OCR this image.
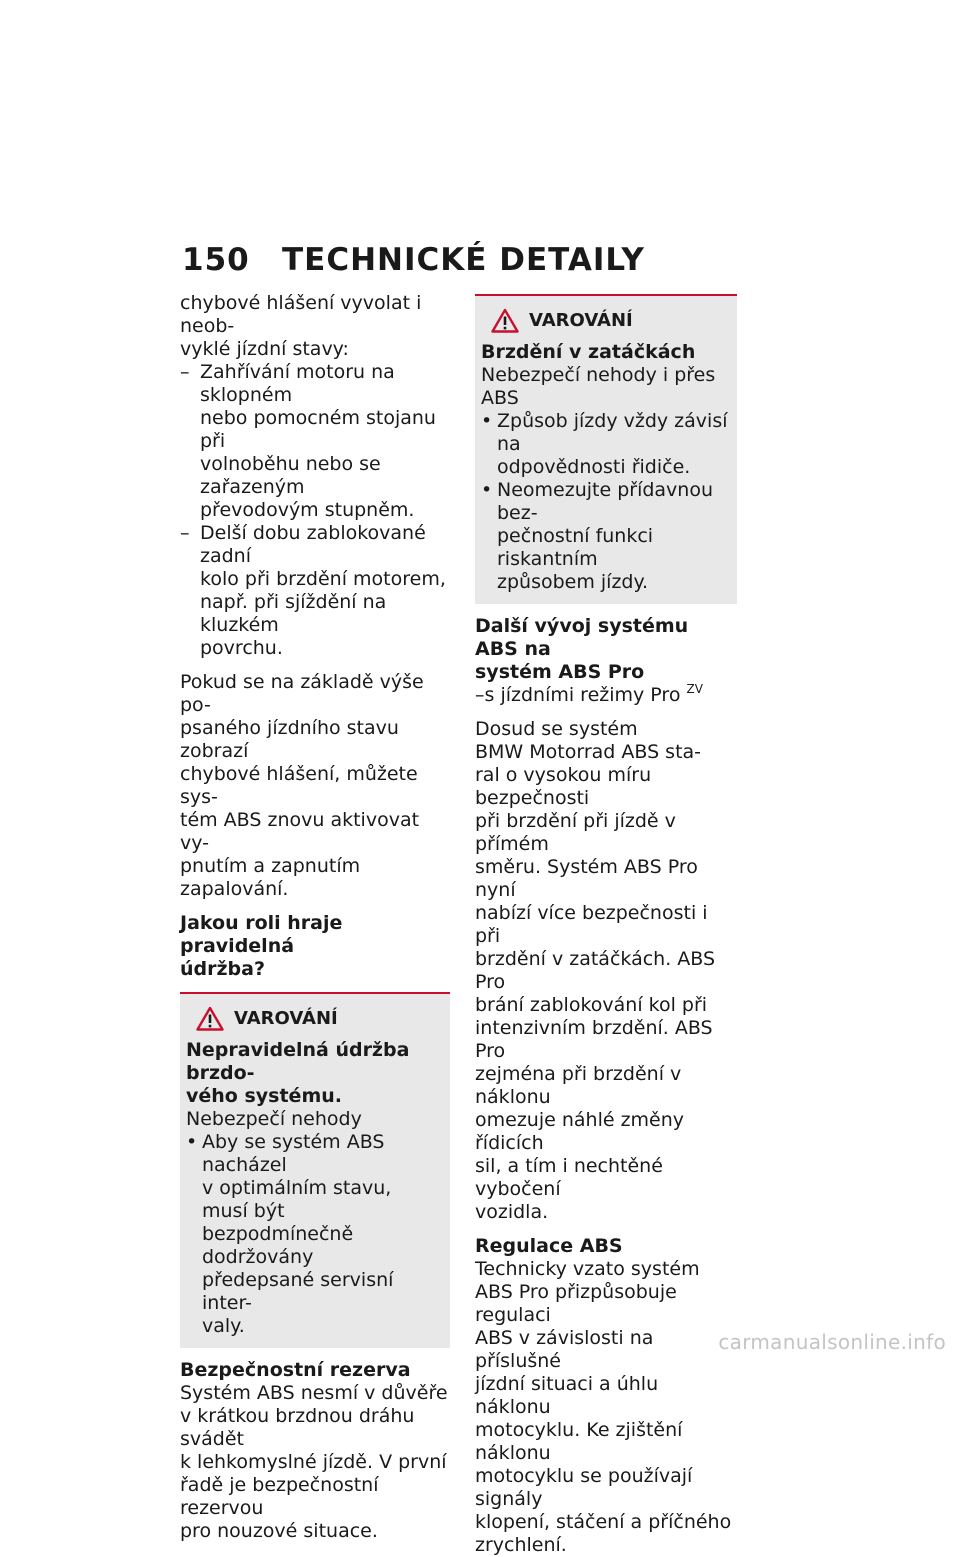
150 TECHNICKÉ DETAILY

chybové hlášení vyvolat i neob-

vyklé jízdní stavy:

– Zahřívání motoru na sklopném

nebo pomocném stojanu při

volnoběhu nebo se zařazeným

převodovým stupněm.

– Delší dobu zablokované zadní

kolo při brzdění motorem,

např. při sjíždění na kluzkém

povrchu.

Pokud se na základě výše po-

psaného jízdního stavu zobrazí

chybové hlášení, můžete sys-

tém ABS znovu aktivovat vy-

pnutím a zapnutím zapalování.

Jakou roli hraje pravidelná

údržba?

VAROVÁNÍ

Nepravidelná údržba brzdo-

vého systému.

Nebezpečí nehody

• Aby se systém ABS nacházel

v optimálním stavu, musí být

bezpodmínečně dodržovány

předepsané servisní inter-

valy.

Bezpečnostní rezerva

Systém ABS nesmí v důvěře

v krátkou brzdnou dráhu svádět

k lehkomyslné jízdě. V první

řadě je bezpečnostní rezervou

pro nouzové situace.

VAROVÁNÍ

Brzdění v zatáčkách

Nebezpečí nehody i přes ABS

• Způsob jízdy vždy závisí na

odpovědnosti řidiče.

• Neomezujte přídavnou bez-

pečnostní funkci riskantním

způsobem jízdy.

Další vývoj systému ABS na

systém ABS Pro

–s jízdními režimy Pro $^{ZV}$

Dosud se systém

BMW Motorrad ABS sta-

ral o vysokou míru bezpečnosti

při brzdění při jízdě v přímém

směru. Systém ABS Pro nyní

nabízí více bezpečnosti i při

brzdění v zatáčkách. ABS Pro

brání zablokování kol při

intenzivním brzdění. ABS Pro

zejména při brzdění v náklonu

omezuje náhlé změny řídicích

sil, a tím i nechtěné vybočení

vozidla.

Regulace ABS

Technicky vzato systém

ABS Pro přizpůsobuje regulaci

ABS v závislosti na příslušné

jízdní situaci a úhlu náklonu

motocyklu. Ke zjištění náklonu

motocyklu se používají signály

klopení, stáčení a příčného

zrychlení.

carmanualsonline.info
